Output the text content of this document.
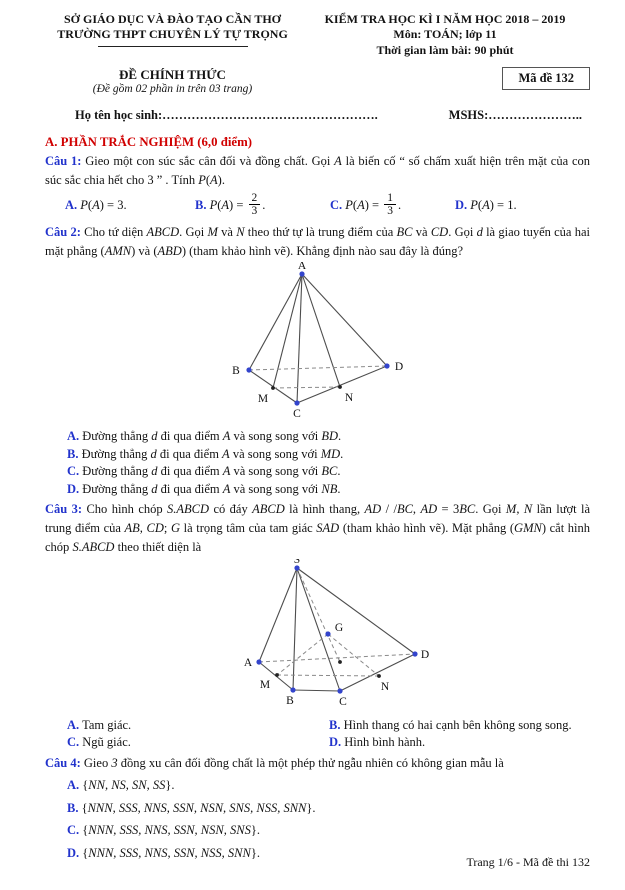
SỞ GIÁO DỤC VÀ ĐÀO TẠO CẦN THƠ
TRƯỜNG THPT CHUYÊN LÝ TỰ TRỌNG
KIỂM TRA HỌC KÌ I NĂM HỌC 2018 – 2019
Môn: TOÁN; lớp 11
Thời gian làm bài: 90 phút
ĐỀ CHÍNH THỨC
(Đề gồm 02 phần in trên 03 trang)
Mã đề 132
Họ tên học sinh:…………………………………………….	MSHS:…………………..
A. PHẦN TRẮC NGHIỆM (6,0 điểm)

Câu 1: Gieo một con súc sắc cân đối và đồng chất. Gọi A là biến cố “ số chấm xuất hiện trên mặt của con súc sắc chia hết cho 3 ” . Tính P(A).

A. P(A) = 3.	B. $P(A) = \frac{2}{3}$ .	C. $P(A) = \frac{1}{3}$ .	D. P(A) = 1.

Câu 2: Cho tứ diện ABCD. Gọi M và N theo thứ tự là trung điểm của BC và CD. Gọi d là giao tuyến của hai mặt phẳng (AMN) và (ABD) (tham khảo hình vẽ). Khẳng định nào sau đây là đúng?

A
B
C
D
M	N
A. Đường thẳng d đi qua điểm A và song song với BD.
B. Đường thẳng d đi qua điểm A và song song với MD.
C. Đường thẳng d đi qua điểm A và song song với BC.
D. Đường thẳng d đi qua điểm A và song song với NB.

Câu 3: Cho hình chóp S.ABCD có đáy ABCD là hình thang, AD / /BC, AD = 3BC. Gọi M, N lần lượt là trung điểm của AB, CD; G là trọng tâm của tam giác SAD (tham khảo hình vẽ). Mặt phẳng (GMN) cắt hình chóp S.ABCD theo thiết diện là

S
A
B	C
D
M	N
G
A. Tam giác.	B. Hình thang có hai cạnh bên không song song.
C. Ngũ giác.	D. Hình bình hành.

Câu 4: Gieo 3 đồng xu cân đối đồng chất là một phép thử ngẫu nhiên có không gian mẫu là

A. {NN, NS, SN, SS}.
B. {NNN, SSS, NNS, SSN, NSN, SNS, NSS, SNN}.
C. {NNN, SSS, NNS, SSN, NSN, SNS}.
D. {NNN, SSS, NNS, SSN, NSS, SNN}.
Trang 1/6 - Mã đề thi 132
